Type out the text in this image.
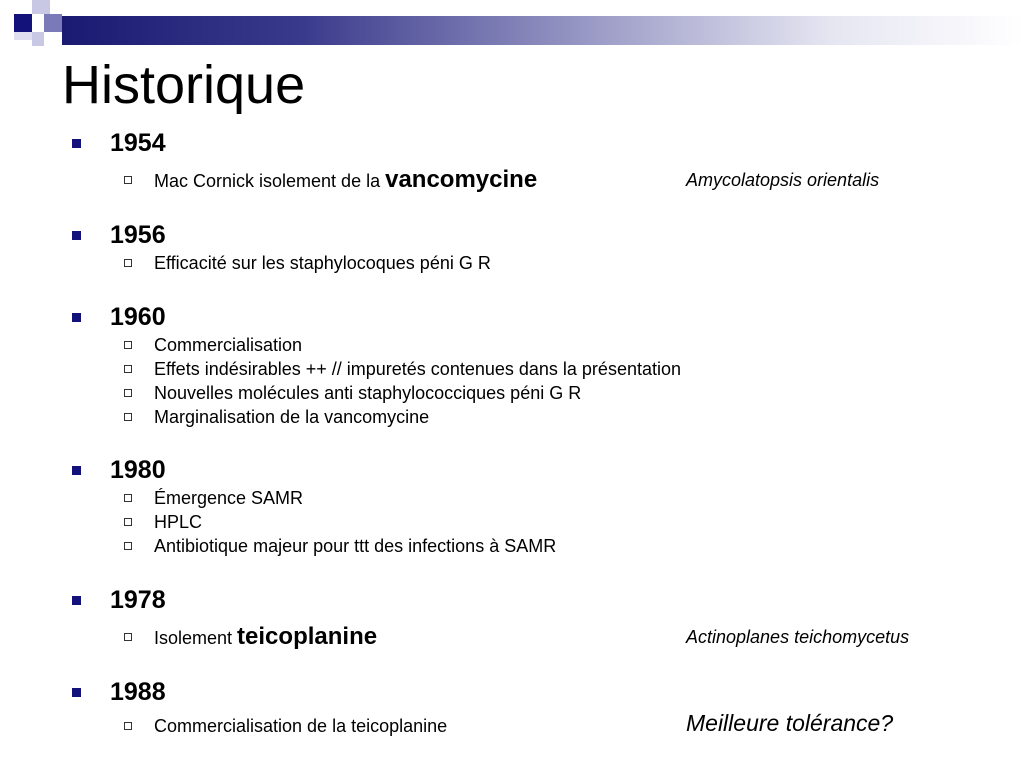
Historique
1954
Mac Cornick isolement de la vancomycine	Amycolatopsis orientalis
1956
Efficacité sur les staphylocoques péni G R
1960
Commercialisation
Effets indésirables ++ // impuretés contenues dans la présentation
Nouvelles molécules anti staphylococciques péni G R
Marginalisation de la vancomycine
1980
Émergence SAMR
HPLC
Antibiotique majeur pour ttt des infections à SAMR
1978
Isolement teicoplanine	Actinoplanes teichomycetus
1988
Commercialisation de la teicoplanine	Meilleure tolérance?
